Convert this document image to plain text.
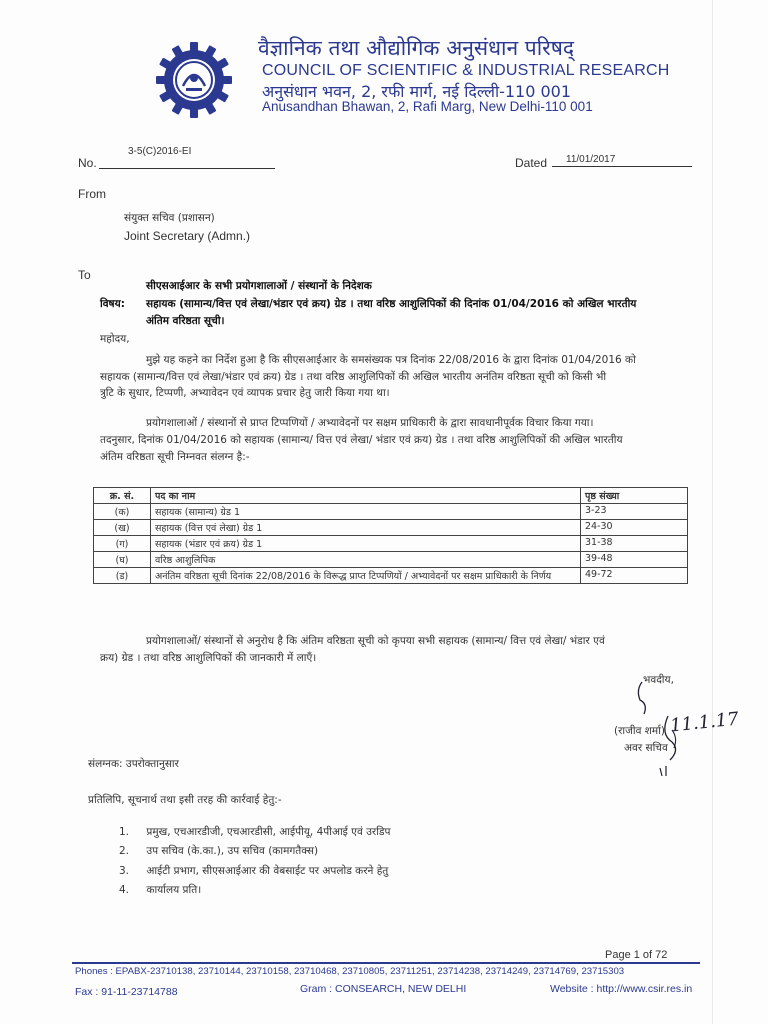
वैज्ञानिक तथा औद्योगिक अनुसंधान परिषद्
COUNCIL OF SCIENTIFIC & INDUSTRIAL RESEARCH
अनुसंधान भवन, 2, रफी मार्ग, नई दिल्ली-110 001
Anusandhan Bhawan, 2, Rafi Marg, New Delhi-110 001
No.
3-5(C)2016-EI
Dated 11/01/2017
From
संयुक्त सचिव (प्रशासन)
Joint Secretary (Admn.)
To
सीएसआईआर के सभी प्रयोगशालाओं / संस्थानों के निदेशक
विषय: सहायक (सामान्य/वित्त एवं लेखा/भंडार एवं क्रय) ग्रेड । तथा वरिष्ठ आशुलिपिकों की दिनांक 01/04/2016 को अखिल भारतीय
अंतिम वरिष्ठता सूची।
महोदय,
मुझे यह कहने का निर्देश हुआ है कि सीएसआईआर के समसंख्यक पत्र दिनांक 22/08/2016 के द्वारा दिनांक 01/04/2016 को
सहायक (सामान्य/वित्त एवं लेखा/भंडार एवं क्रय) ग्रेड । तथा वरिष्ठ आशुलिपिकों की अखिल भारतीय अनंतिम वरिष्ठता सूची को किसी भी
त्रुटि के सुधार, टिप्पणी, अभ्यावेदन एवं व्यापक प्रचार हेतु जारी किया गया था।
प्रयोगशालाओं / संस्थानों से प्राप्त टिप्पणियों / अभ्यावेदनों पर सक्षम प्राधिकारी के द्वारा सावधानीपूर्वक विचार किया गया।
तदनुसार, दिनांक 01/04/2016 को सहायक (सामान्य/ वित्त एवं लेखा/ भंडार एवं क्रय) ग्रेड । तथा वरिष्ठ आशुलिपिकों की अखिल भारतीय
अंतिम वरिष्ठता सूची निम्नवत संलग्न है:-
क्र. सं.	पद का नाम	पृष्ठ संख्या
(क)	सहायक (सामान्य) ग्रेड 1	3-23
(ख)	सहायक (वित्त एवं लेखा) ग्रेड 1	24-30
(ग)	सहायक (भंडार एवं क्रय) ग्रेड 1	31-38
(घ)	वरिष्ठ आशुलिपिक	39-48
(ड)	अनंतिम वरिष्ठता सूची दिनांक 22/08/2016 के विरूद्ध प्राप्त टिप्पणियों / अभ्यावेदनों पर सक्षम प्राधिकारी के निर्णय	49-72
प्रयोगशालाओं/ संस्थानों से अनुरोध है कि अंतिम वरिष्ठता सूची को कृपया सभी सहायक (सामान्य/ वित्त एवं लेखा/ भंडार एवं
क्रय) ग्रेड । तथा वरिष्ठ आशुलिपिकों की जानकारी में लाएँ।
भवदीय,
11.1.17
(राजीव शर्मा)
अवर सचिव
संलग्नक: उपरोक्तानुसार
प्रतिलिपि, सूचनार्थ तथा इसी तरह की कार्रवाई हेतु:-
1. प्रमुख, एचआरडीजी, एचआरडीसी, आईपीयू, 4पीआई एवं उरडिप
2. उप सचिव (के.का.), उप सचिव (कामगतैक्स)
3. आईटी प्रभाग, सीएसआईआर की वेबसाईट पर अपलोड करने हेतु
4. कार्यालय प्रति।
Page 1 of 72
Phones : EPABX-23710138, 23710144, 23710158, 23710468, 23710805, 23711251, 23714238, 23714249, 23714769, 23715303
Fax : 91-11-23714788	Gram : CONSEARCH, NEW DELHI	Website : http://www.csir.res.in
